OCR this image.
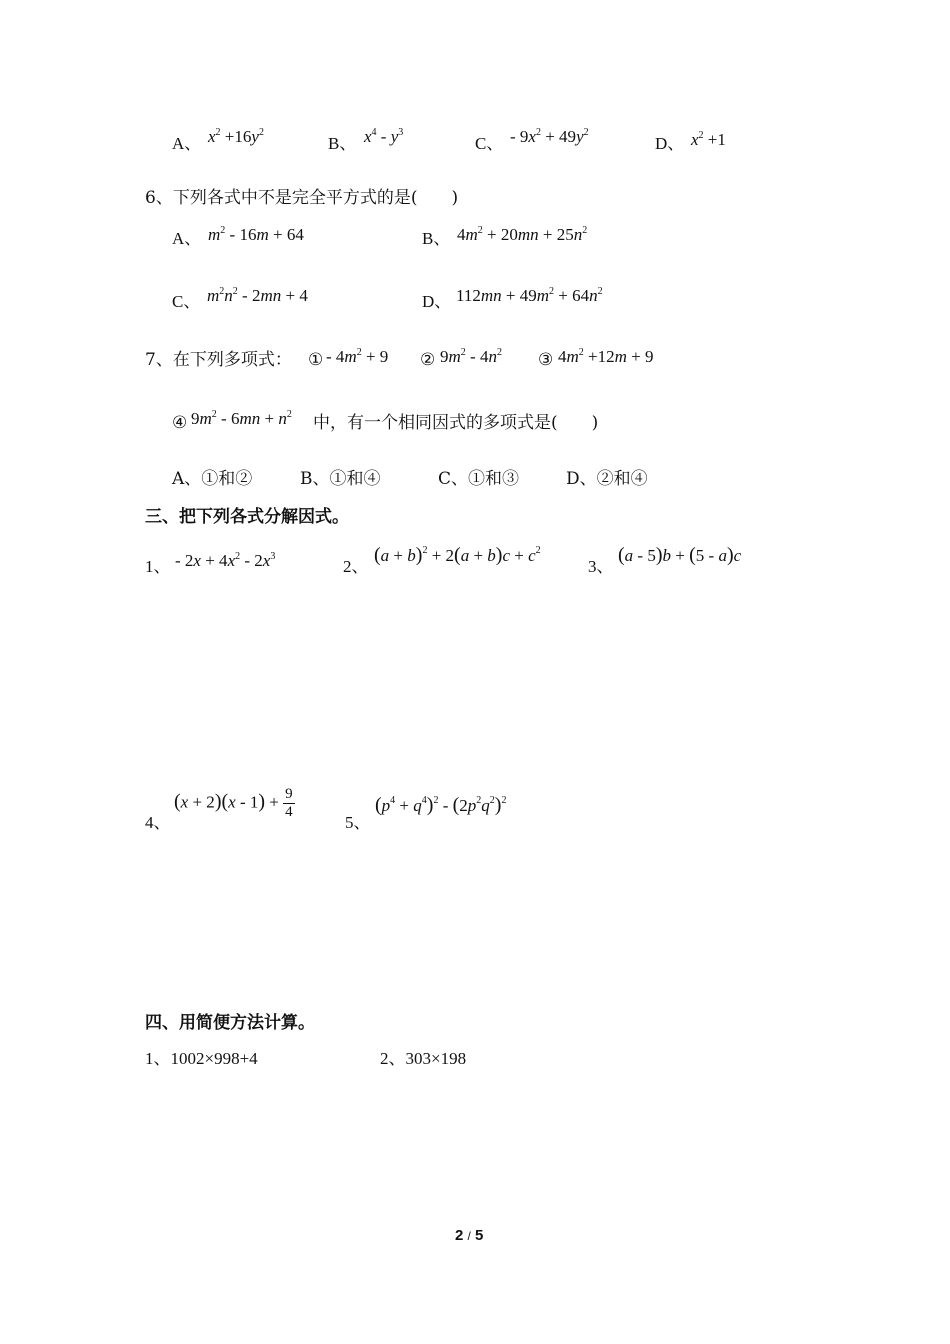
A、 $x^2 +16y^2$
B、 $x^4 - y^3$
C、 - $9x^2 + 49y^2$
D、 $x^2 +1$
6、下列各式中不是完全平方式的是(　　)
A、 $m^2 - 16m + 64$	B、 $4m^2 + 20mn + 25n^2$
C、 $m^2n^2 - 2mn + 4$	D、 $112mn + 49m^2 + 64n^2$
7、在下列多项式： ① - $4m^2 + 9$ ② $9m^2 - 4n^2$ ③ $4m^2 +12m + 9$
④ $9m^2 - 6mn + n^2$ 中，有一个相同因式的多项式是(　　)
A、①和②	B、①和④	C、①和③	D、②和④
三、把下列各式分解因式。
1、 - $2x + 4x^2 - 2x^3$
2、
$(a + b)^2 + 2(a + b)c + c^2$
3、
(a - 5)b + (5 - a)c
4、
$(x + 2)(x - 1) + \frac{9}{4}$
5、
$(p^4 + q^4)^2 - (2p^2q^2)^2$
四、用简便方法计算。
1、1002×998+4	2、303×198
2 / 5
